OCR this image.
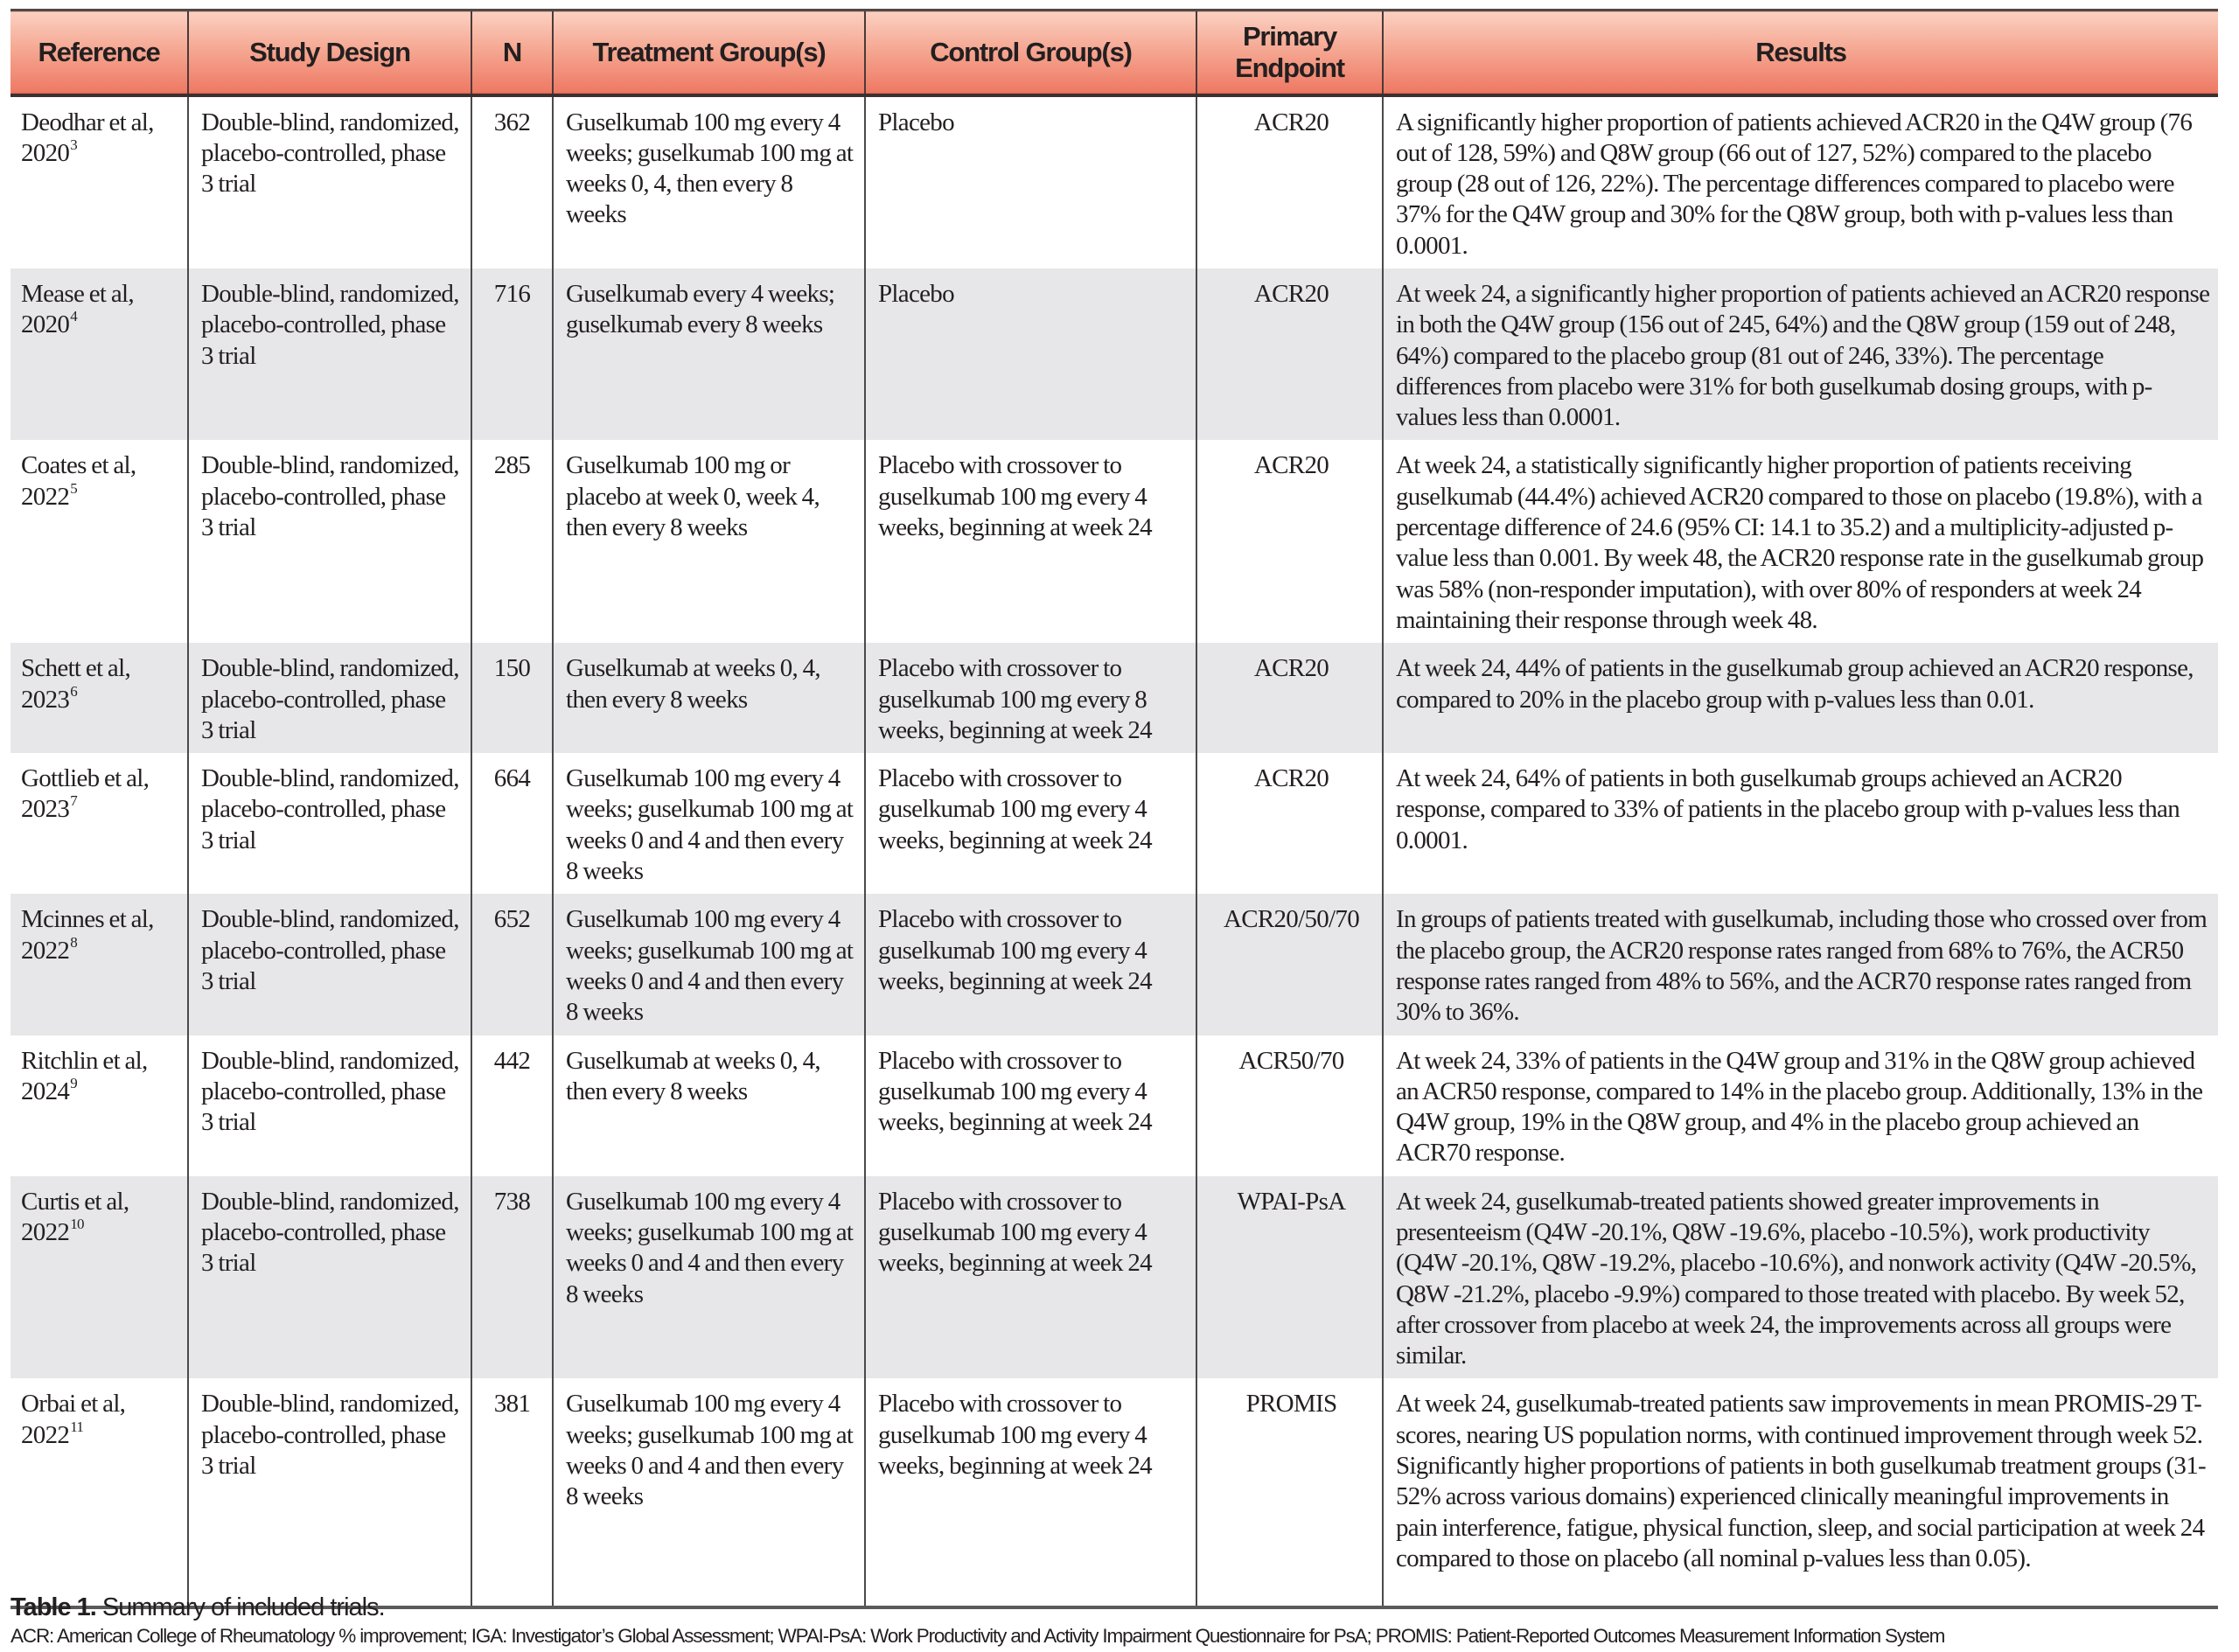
Reference	Study Design	N	Treatment Group(s)	Control Group(s)	Primary Endpoint	Results
Deodhar et al, 2020$^3$	Double-blind, randomized, placebo-controlled, phase 3 trial	362	Guselkumab 100 mg every 4 weeks; guselkumab 100 mg at weeks 0, 4, then every 8 weeks	Placebo	ACR20	A significantly higher proportion of patients achieved ACR20 in the Q4W group (76 out of 128, 59%) and Q8W group (66 out of 127, 52%) compared to the placebo group (28 out of 126, 22%). The percentage differences compared to placebo were 37% for the Q4W group and 30% for the Q8W group, both with p-values less than 0.0001.
Mease et al, 2020$^4$	Double-blind, randomized, placebo-controlled, phase 3 trial	716	Guselkumab every 4 weeks; guselkumab every 8 weeks	Placebo	ACR20	At week 24, a significantly higher proportion of patients achieved an ACR20 response in both the Q4W group (156 out of 245, 64%) and the Q8W group (159 out of 248, 64%) compared to the placebo group (81 out of 246, 33%). The percentage differences from placebo were 31% for both guselkumab dosing groups, with p-values less than 0.0001.
Coates et al, 2022$^5$	Double-blind, randomized, placebo-controlled, phase 3 trial	285	Guselkumab 100 mg or placebo at week 0, week 4, then every 8 weeks	Placebo with crossover to guselkumab 100 mg every 4 weeks, beginning at week 24	ACR20	At week 24, a statistically significantly higher proportion of patients receiving guselkumab (44.4%) achieved ACR20 compared to those on placebo (19.8%), with a percentage difference of 24.6 (95% CI: 14.1 to 35.2) and a multiplicity-adjusted p-value less than 0.001. By week 48, the ACR20 response rate in the guselkumab group was 58% (non-responder imputation), with over 80% of responders at week 24 maintaining their response through week 48.
Schett et al, 2023$^6$	Double-blind, randomized, placebo-controlled, phase 3 trial	150	Guselkumab at weeks 0, 4, then every 8 weeks	Placebo with crossover to guselkumab 100 mg every 8 weeks, beginning at week 24	ACR20	At week 24, 44% of patients in the guselkumab group achieved an ACR20 response, compared to 20% in the placebo group with p-values less than 0.01.
Gottlieb et al, 2023$^7$	Double-blind, randomized, placebo-controlled, phase 3 trial	664	Guselkumab 100 mg every 4 weeks; guselkumab 100 mg at weeks 0 and 4 and then every 8 weeks	Placebo with crossover to guselkumab 100 mg every 4 weeks, beginning at week 24	ACR20	At week 24, 64% of patients in both guselkumab groups achieved an ACR20 response, compared to 33% of patients in the placebo group with p-values less than 0.0001.
Mcinnes et al, 2022$^8$	Double-blind, randomized, placebo-controlled, phase 3 trial	652	Guselkumab 100 mg every 4 weeks; guselkumab 100 mg at weeks 0 and 4 and then every 8 weeks	Placebo with crossover to guselkumab 100 mg every 4 weeks, beginning at week 24	ACR20/50/70	In groups of patients treated with guselkumab, including those who crossed over from the placebo group, the ACR20 response rates ranged from 68% to 76%, the ACR50 response rates ranged from 48% to 56%, and the ACR70 response rates ranged from 30% to 36%.
Ritchlin et al, 2024$^9$	Double-blind, randomized, placebo-controlled, phase 3 trial	442	Guselkumab at weeks 0, 4, then every 8 weeks	Placebo with crossover to guselkumab 100 mg every 4 weeks, beginning at week 24	ACR50/70	At week 24, 33% of patients in the Q4W group and 31% in the Q8W group achieved an ACR50 response, compared to 14% in the placebo group. Additionally, 13% in the Q4W group, 19% in the Q8W group, and 4% in the placebo group achieved an ACR70 response.
Curtis et al, 2022$^{10}$	Double-blind, randomized, placebo-controlled, phase 3 trial	738	Guselkumab 100 mg every 4 weeks; guselkumab 100 mg at weeks 0 and 4 and then every 8 weeks	Placebo with crossover to guselkumab 100 mg every 4 weeks, beginning at week 24	WPAI-PsA	At week 24, guselkumab-treated patients showed greater improvements in presenteeism (Q4W -20.1%, Q8W -19.6%, placebo -10.5%), work productivity (Q4W -20.1%, Q8W -19.2%, placebo -10.6%), and nonwork activity (Q4W -20.5%, Q8W -21.2%, placebo -9.9%) compared to those treated with placebo. By week 52, after crossover from placebo at week 24, the improvements across all groups were similar.
Orbai et al, 2022$^{11}$	Double-blind, randomized, placebo-controlled, phase 3 trial	381	Guselkumab 100 mg every 4 weeks; guselkumab 100 mg at weeks 0 and 4 and then every 8 weeks	Placebo with crossover to guselkumab 100 mg every 4 weeks, beginning at week 24	PROMIS	At week 24, guselkumab-treated patients saw improvements in mean PROMIS-29 T-scores, nearing US population norms, with continued improvement through week 52. Significantly higher proportions of patients in both guselkumab treatment groups (31-52% across various domains) experienced clinically meaningful improvements in pain interference, fatigue, physical function, sleep, and social participation at week 24 compared to those on placebo (all nominal p-values less than 0.05).
Table 1. Summary of included trials.
ACR: American College of Rheumatology % improvement; IGA: Investigator’s Global Assessment; WPAI-PsA: Work Productivity and Activity Impairment Questionnaire for PsA; PROMIS: Patient-Reported Outcomes Measurement Information System
